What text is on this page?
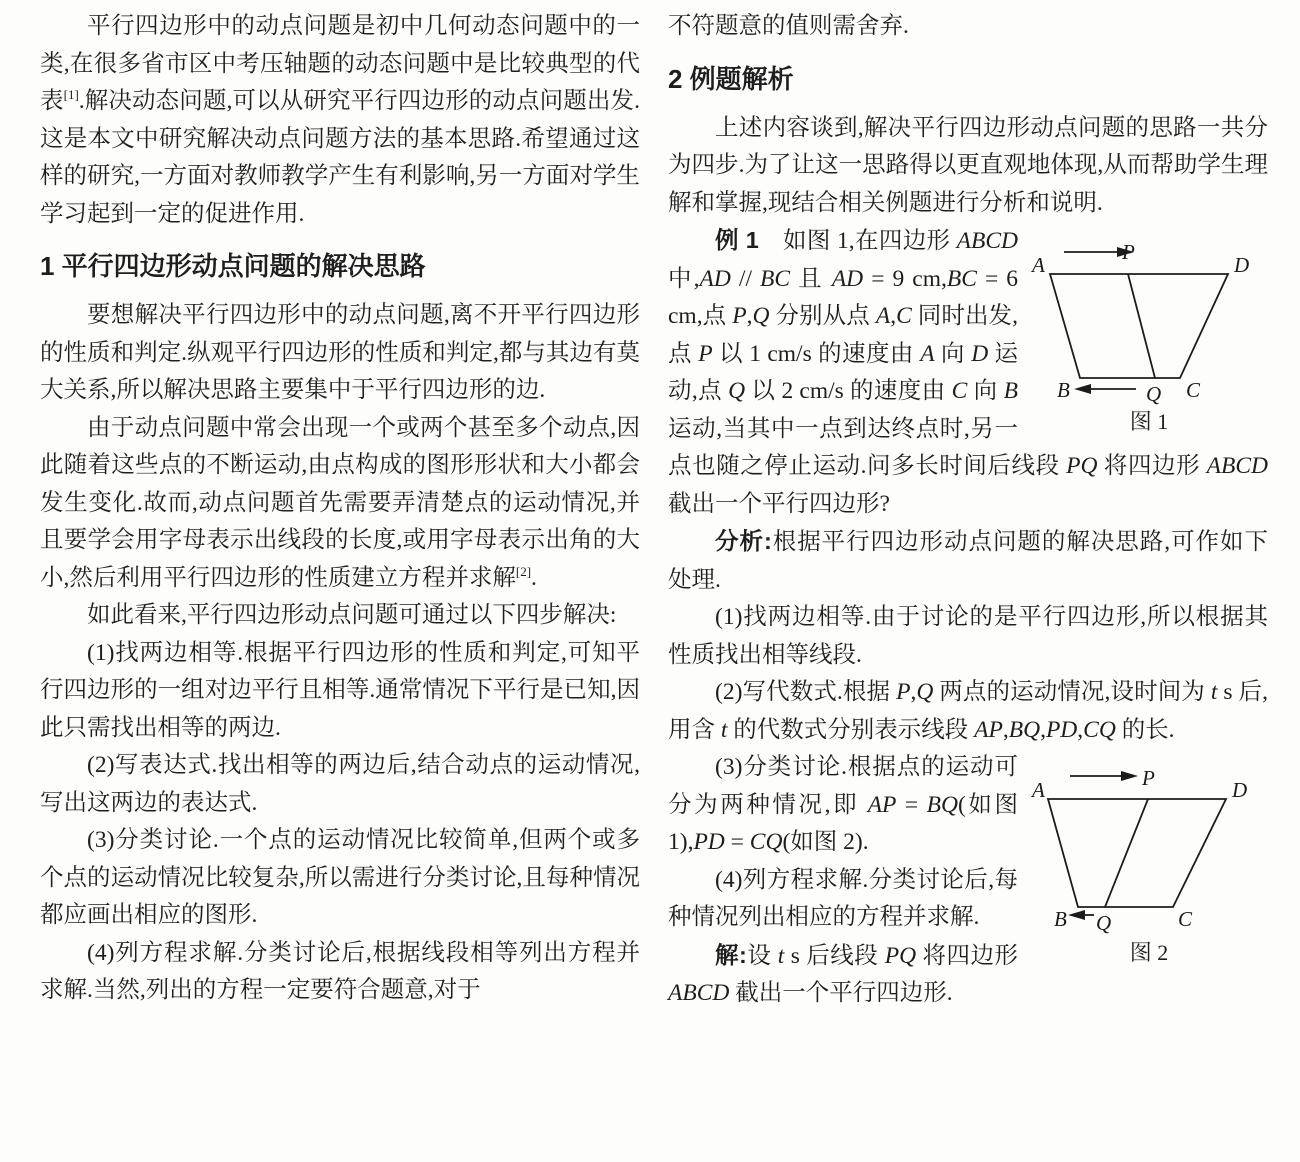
平行四边形中的动点问题是初中几何动态问题中的一类,在很多省市区中考压轴题的动态问题中是比较典型的代表[1].解决动态问题,可以从研究平行四边形的动点问题出发.这是本文中研究解决动点问题方法的基本思路.希望通过这样的研究,一方面对教师教学产生有利影响,另一方面对学生学习起到一定的促进作用.

1 平行四边形动点问题的解决思路

要想解决平行四边形中的动点问题,离不开平行四边形的性质和判定.纵观平行四边形的性质和判定,都与其边有莫大关系,所以解决思路主要集中于平行四边形的边.

由于动点问题中常会出现一个或两个甚至多个动点,因此随着这些点的不断运动,由点构成的图形形状和大小都会发生变化.故而,动点问题首先需要弄清楚点的运动情况,并且要学会用字母表示出线段的长度,或用字母表示出角的大小,然后利用平行四边形的性质建立方程并求解[2].

如此看来,平行四边形动点问题可通过以下四步解决:

(1)找两边相等.根据平行四边形的性质和判定,可知平行四边形的一组对边平行且相等.通常情况下平行是已知,因此只需找出相等的两边.

(2)写表达式.找出相等的两边后,结合动点的运动情况,写出这两边的表达式.

(3)分类讨论.一个点的运动情况比较简单,但两个或多个点的运动情况比较复杂,所以需进行分类讨论,且每种情况都应画出相应的图形.

(4)列方程求解.分类讨论后,根据线段相等列出方程并求解.当然,列出的方程一定要符合题意,对于

不符题意的值则需舍弃.

2 例题解析

上述内容谈到,解决平行四边形动点问题的思路一共分为四步.为了让这一思路得以更直观地体现,从而帮助学生理解和掌握,现结合相关例题进行分析和说明.

A
P
D
B	Q C
图 1

例 1　如图 1,在四边形 ABCD 中,AD // BC 且 AD = 9 cm,BC = 6 cm,点 P,Q 分别从点 A,C 同时出发,点 P 以 1 cm/s 的速度由 A 向 D 运动,点 Q 以 2 cm/s 的速度由 C 向 B 运动,当其中一点到达终点时,另一点也随之停止运动.问多长时间后线段 PQ 将四边形 ABCD 截出一个平行四边形?

分析:根据平行四边形动点问题的解决思路,可作如下处理.

(1)找两边相等.由于讨论的是平行四边形,所以根据其性质找出相等线段.

(2)写代数式.根据 P,Q 两点的运动情况,设时间为 t s 后,用含 t 的代数式分别表示线段 AP,BQ,PD,CQ 的长.

A	P	D
B Q	C
图 2

(3)分类讨论.根据点的运动可分为两种情况,即 AP = BQ(如图 1),PD = CQ(如图 2).

(4)列方程求解.分类讨论后,每种情况列出相应的方程并求解.

解:设 t s 后线段 PQ 将四边形 ABCD 截出一个平行四边形.
